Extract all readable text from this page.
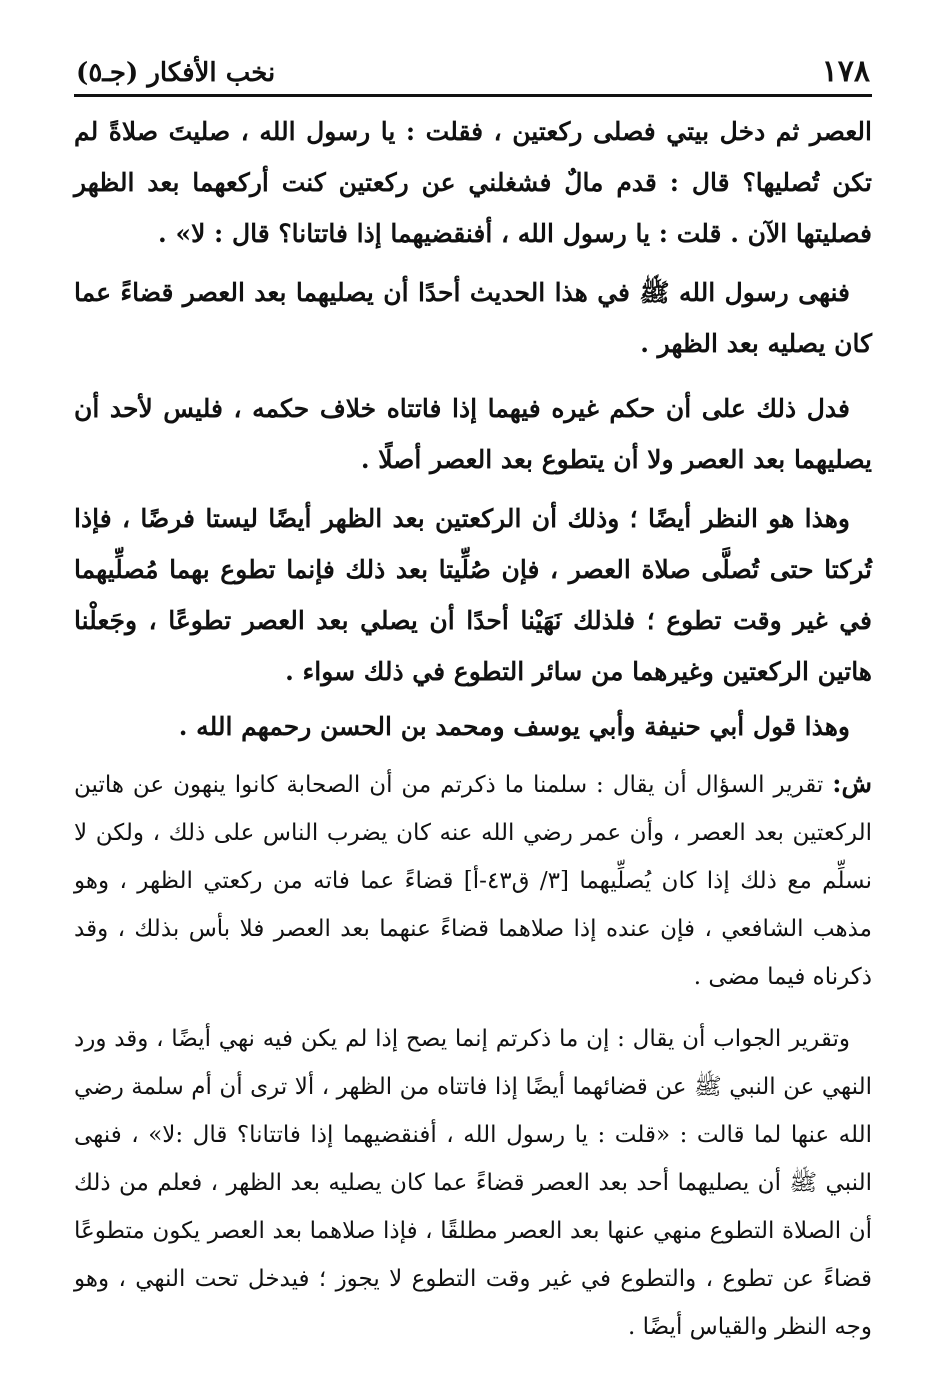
١٧٨
نخب الأفكار (جـ٥)

العصر ثم دخل بيتي فصلى ركعتين ، فقلت : يا رسول الله ، صليتَ صلاةً لم تكن تُصليها؟ قال : قدم مالٌ فشغلني عن ركعتين كنت أركعهما بعد الظهر فصليتها الآن . قلت : يا رسول الله ، أفنقضيهما إذا فاتتانا؟ قال : لا» .

فنهى رسول الله ﷺ في هذا الحديث أحدًا أن يصليهما بعد العصر قضاءً عما كان يصليه بعد الظهر .

فدل ذلك على أن حكم غيره فيهما إذا فاتتاه خلاف حكمه ، فليس لأحد أن يصليهما بعد العصر ولا أن يتطوع بعد العصر أصلًا .

وهذا هو النظر أيضًا ؛ وذلك أن الركعتين بعد الظهر أيضًا ليستا فرضًا ، فإذا تُركتا حتى تُصلَّى صلاة العصر ، فإن صُلِّيتا بعد ذلك فإنما تطوع بهما مُصلِّيهما في غير وقت تطوع ؛ فلذلك نَهَيْنا أحدًا أن يصلي بعد العصر تطوعًا ، وجَعلْنا هاتين الركعتين وغيرهما من سائر التطوع في ذلك سواء .

وهذا قول أبي حنيفة وأبي يوسف ومحمد بن الحسن رحمهم الله .

ش: تقرير السؤال أن يقال : سلمنا ما ذكرتم من أن الصحابة كانوا ينهون عن هاتين الركعتين بعد العصر ، وأن عمر رضي الله عنه كان يضرب الناس على ذلك ، ولكن لا نسلِّم مع ذلك إذا كان يُصلِّيهما [٣/ ق٤٣-أ] قضاءً عما فاته من ركعتي الظهر ، وهو مذهب الشافعي ، فإن عنده إذا صلاهما قضاءً عنهما بعد العصر فلا بأس بذلك ، وقد ذكرناه فيما مضى .

وتقرير الجواب أن يقال : إن ما ذكرتم إنما يصح إذا لم يكن فيه نهي أيضًا ، وقد ورد النهي عن النبي ﷺ عن قضائهما أيضًا إذا فاتتاه من الظهر ، ألا ترى أن أم سلمة رضي الله عنها لما قالت : «قلت : يا رسول الله ، أفنقضيهما إذا فاتتانا؟ قال :لا» ، فنهى النبي ﷺ أن يصليهما أحد بعد العصر قضاءً عما كان يصليه بعد الظهر ، فعلم من ذلك أن الصلاة التطوع منهي عنها بعد العصر مطلقًا ، فإذا صلاهما بعد العصر يكون متطوعًا قضاءً عن تطوع ، والتطوع في غير وقت التطوع لا يجوز ؛ فيدخل تحت النهي ، وهو وجه النظر والقياس أيضًا .
